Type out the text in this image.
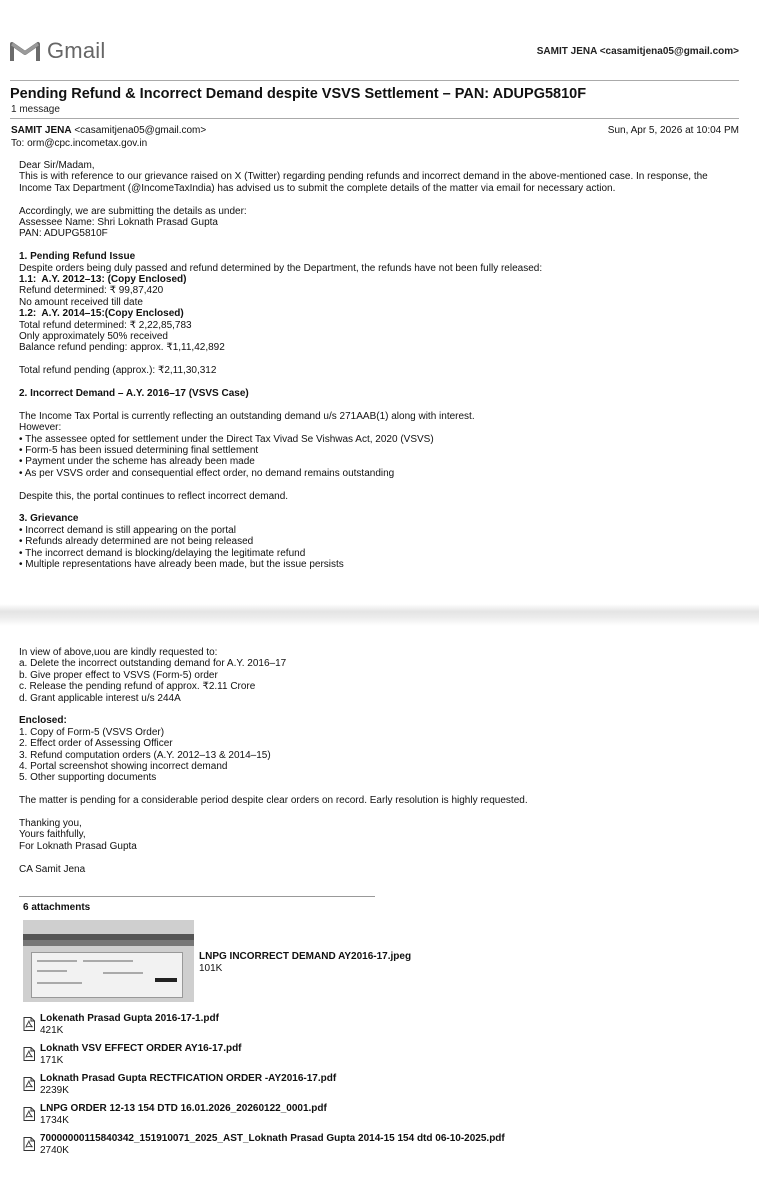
Gmail	SAMIT JENA <casamitjena05@gmail.com>
Pending Refund & Incorrect Demand despite VSVS Settlement – PAN: ADUPG5810F
1 message
SAMIT JENA <casamitjena05@gmail.com>	Sun, Apr 5, 2026 at 10:04 PM
To: orm@cpc.incometax.gov.in
Dear Sir/Madam,
This is with reference to our grievance raised on X (Twitter) regarding pending refunds and incorrect demand in the above-mentioned case. In response, the
Income Tax Department (@IncomeTaxIndia) has advised us to submit the complete details of the matter via email for necessary action.
Accordingly, we are submitting the details as under:
Assessee Name: Shri Loknath Prasad Gupta
PAN: ADUPG5810F
1. Pending Refund Issue
Despite orders being duly passed and refund determined by the Department, the refunds have not been fully released:
1.1:  A.Y. 2012–13: (Copy Enclosed)
Refund determined: ₹ 99,87,420
No amount received till date
1.2:  A.Y. 2014–15:(Copy Enclosed)
Total refund determined: ₹ 2,22,85,783
Only approximately 50% received
Balance refund pending: approx. ₹1,11,42,892
Total refund pending (approx.): ₹2,11,30,312
2. Incorrect Demand – A.Y. 2016–17 (VSVS Case)
The Income Tax Portal is currently reflecting an outstanding demand u/s 271AAB(1) along with interest.
However:
• The assessee opted for settlement under the Direct Tax Vivad Se Vishwas Act, 2020 (VSVS)
• Form-5 has been issued determining final settlement
• Payment under the scheme has already been made
• As per VSVS order and consequential effect order, no demand remains outstanding
Despite this, the portal continues to reflect incorrect demand.
3. Grievance
• Incorrect demand is still appearing on the portal
• Refunds already determined are not being released
• The incorrect demand is blocking/delaying the legitimate refund
• Multiple representations have already been made, but the issue persists
In view of above,uou are kindly requested to:
a. Delete the incorrect outstanding demand for A.Y. 2016–17
b. Give proper effect to VSVS (Form-5) order
c. Release the pending refund of approx. ₹2.11 Crore
d. Grant applicable interest u/s 244A
Enclosed:
1. Copy of Form-5 (VSVS Order)
2. Effect order of Assessing Officer
3. Refund computation orders (A.Y. 2012–13 & 2014–15)
4. Portal screenshot showing incorrect demand
5. Other supporting documents
The matter is pending for a considerable period despite clear orders on record. Early resolution is highly requested.
Thanking you,
Yours faithfully,
For Loknath Prasad Gupta
CA Samit Jena
6 attachments
LNPG INCORRECT DEMAND AY2016-17.jpeg
101K
Lokenath Prasad Gupta 2016-17-1.pdf
421K
Loknath VSV EFFECT ORDER AY16-17.pdf
171K
Loknath Prasad Gupta RECTFICATION ORDER -AY2016-17.pdf
2239K
LNPG ORDER 12-13 154 DTD 16.01.2026_20260122_0001.pdf
1734K
70000000115840342_151910071_2025_AST_Loknath Prasad Gupta 2014-15 154 dtd 06-10-2025.pdf
2740K
